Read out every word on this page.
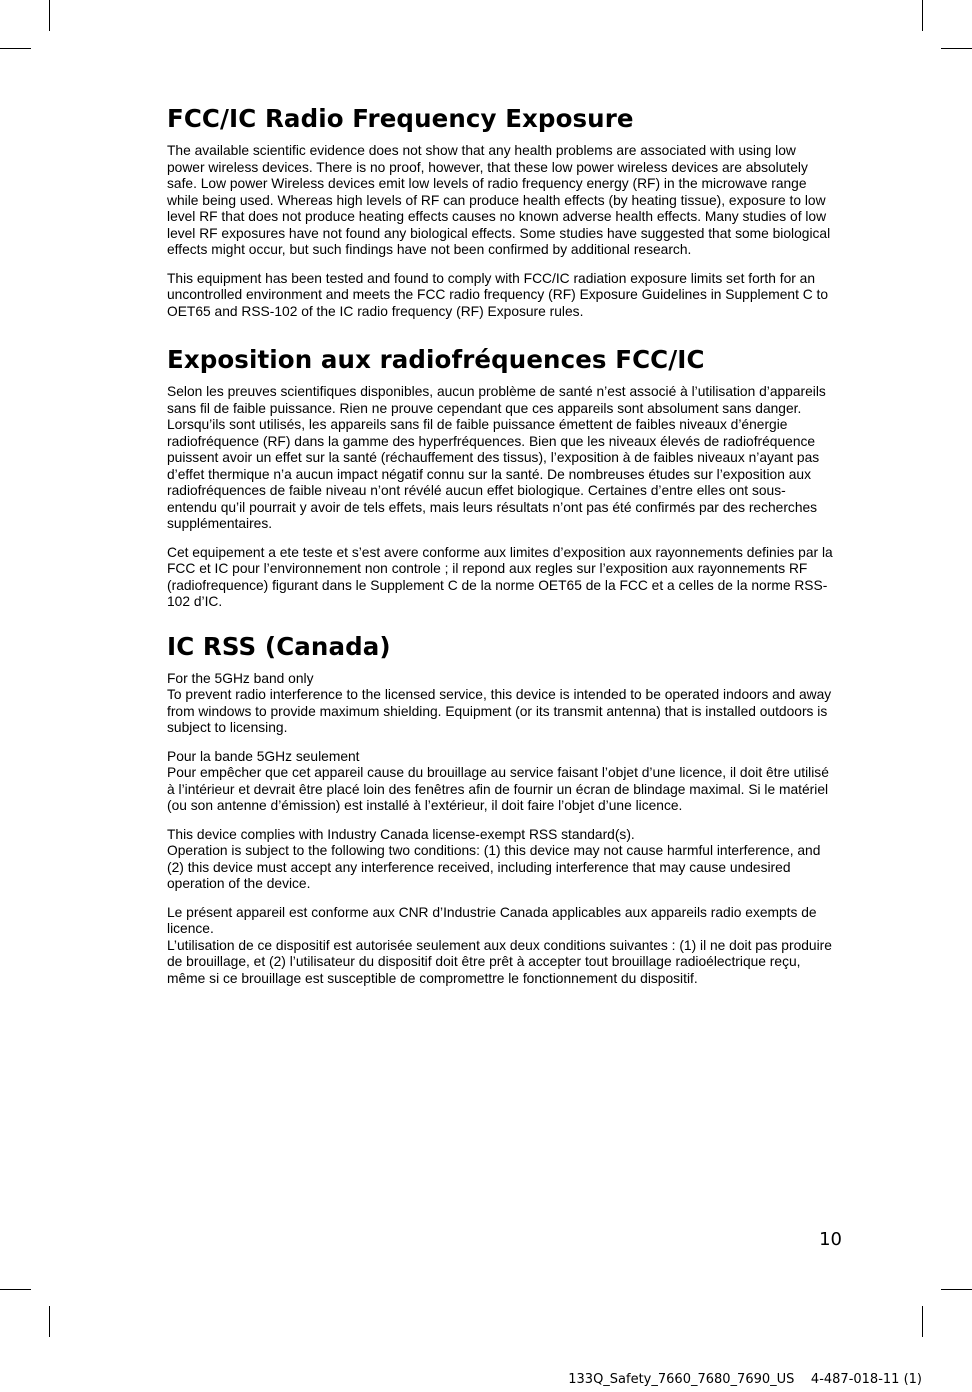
FCC/IC Radio Frequency Exposure

The available scientific evidence does not show that any health problems are associated with using low power wireless devices. There is no proof, however, that these low power wireless devices are absolutely safe. Low power Wireless devices emit low levels of radio frequency energy (RF) in the microwave range while being used. Whereas high levels of RF can produce health effects (by heating tissue), exposure to low level RF that does not produce heating effects causes no known adverse health effects. Many studies of low level RF exposures have not found any biological effects. Some studies have suggested that some biological effects might occur, but such findings have not been confirmed by additional research.

This equipment has been tested and found to comply with FCC/IC radiation exposure limits set forth for an uncontrolled environment and meets the FCC radio frequency (RF) Exposure Guidelines in Supplement C to OET65 and RSS-102 of the IC radio frequency (RF) Exposure rules.

Exposition aux radiofréquences FCC/IC

Selon les preuves scientifiques disponibles, aucun problème de santé n’est associé à l’utilisation d’appareils sans fil de faible puissance. Rien ne prouve cependant que ces appareils sont absolument sans danger. Lorsqu’ils sont utilisés, les appareils sans fil de faible puissance émettent de faibles niveaux d’énergie radiofréquence (RF) dans la gamme des hyperfréquences. Bien que les niveaux élevés de radiofréquence puissent avoir un effet sur la santé (réchauffement des tissus), l’exposition à de faibles niveaux n’ayant pas d’effet thermique n’a aucun impact négatif connu sur la santé. De nombreuses études sur l’exposition aux radiofréquences de faible niveau n’ont révélé aucun effet biologique. Certaines d’entre elles ont sous-entendu qu’il pourrait y avoir de tels effets, mais leurs résultats n’ont pas été confirmés par des recherches supplémentaires.

Cet equipement a ete teste et s’est avere conforme aux limites d’exposition aux rayonnements definies par la FCC et IC pour l’environnement non controle ; il repond aux regles sur l’exposition aux rayonnements RF (radiofrequence) figurant dans le Supplement C de la norme OET65 de la FCC et a celles de la norme RSS-102 d’IC.

IC RSS (Canada)

For the 5GHz band only
To prevent radio interference to the licensed service, this device is intended to be operated indoors and away from windows to provide maximum shielding. Equipment (or its transmit antenna) that is installed outdoors is subject to licensing.

Pour la bande 5GHz seulement
Pour empêcher que cet appareil cause du brouillage au service faisant l’objet d’une licence, il doit être utilisé à l’intérieur et devrait être placé loin des fenêtres afin de fournir un écran de blindage maximal. Si le matériel (ou son antenne d’émission) est installé à l’extérieur, il doit faire l’objet d’une licence.

This device complies with Industry Canada license-exempt RSS standard(s).
Operation is subject to the following two conditions: (1) this device may not cause harmful interference, and (2) this device must accept any interference received, including interference that may cause undesired operation of the device.

Le présent appareil est conforme aux CNR d’Industrie Canada applicables aux appareils radio exempts de licence.
L’utilisation de ce dispositif est autorisée seulement aux deux conditions suivantes : (1) il ne doit pas produire de brouillage, et (2) l’utilisateur du dispositif doit être prêt à accepter tout brouillage radioélectrique reçu, même si ce brouillage est susceptible de compromettre le fonctionnement du dispositif.

10
133Q_Safety_7660_7680_7690_US    4-487-018-11 (1)
